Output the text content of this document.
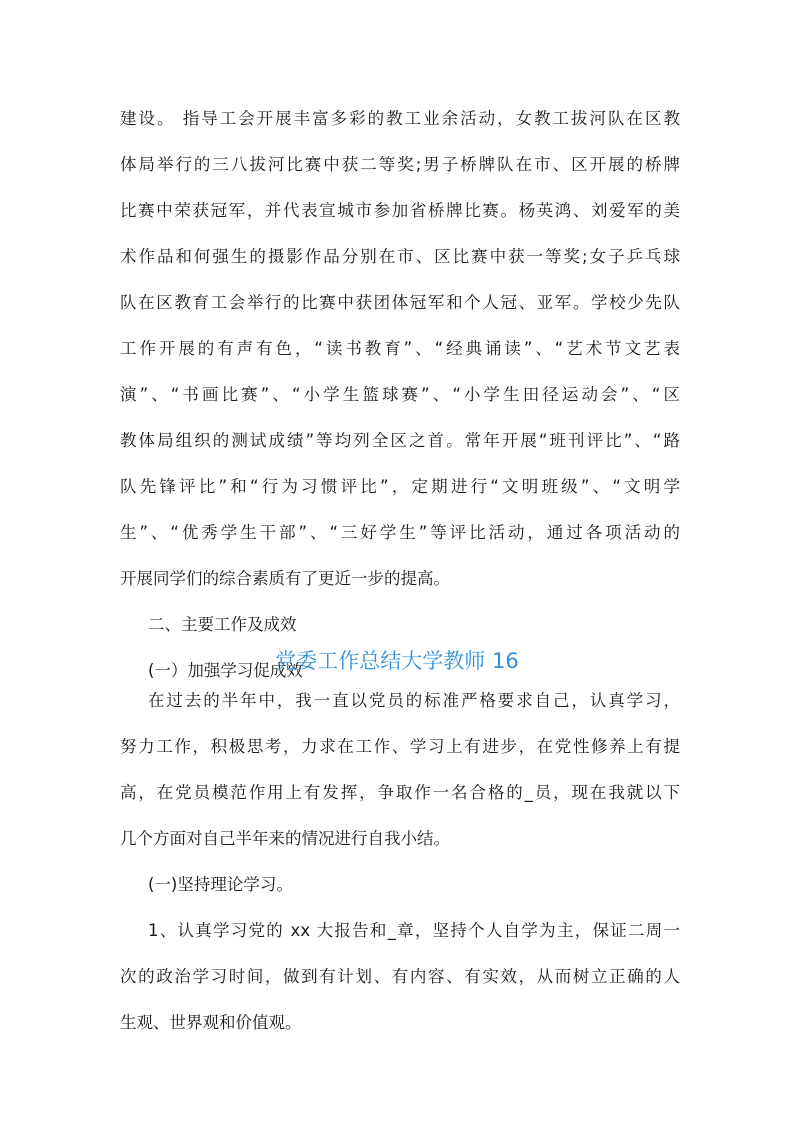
建设。 指导工会开展丰富多彩的教工业余活动，女教工拔河队在区教
体局举行的三八拔河比赛中获二等奖;男子桥牌队在市、区开展的桥牌
比赛中荣获冠军，并代表宣城市参加省桥牌比赛。杨英鸿、刘爱军的美
术作品和何强生的摄影作品分别在市、区比赛中获一等奖;女子乒乓球
队在区教育工会举行的比赛中获团体冠军和个人冠、亚军。学校少先队
工作开展的有声有色，“读书教育”、“经典诵读”、“艺术节文艺表
演”、“书画比赛”、“小学生篮球赛”、“小学生田径运动会”、“区
教体局组织的测试成绩”等均列全区之首。常年开展“班刊评比”、“路
队先锋评比”和“行为习惯评比”，定期进行“文明班级”、“文明学
生”、“优秀学生干部”、“三好学生”等评比活动，通过各项活动的
开展同学们的综合素质有了更近一步的提高。
二、主要工作及成效
(一）加强学习促成效
党委工作总结大学教师 16
在过去的半年中，我一直以党员的标准严格要求自己，认真学习，
努力工作，积极思考，力求在工作、学习上有进步，在党性修养上有提
高，在党员模范作用上有发挥，争取作一名合格的_员，现在我就以下
几个方面对自己半年来的情况进行自我小结。
(一)坚持理论学习。
1、认真学习党的 xx 大报告和_章，坚持个人自学为主，保证二周一
次的政治学习时间，做到有计划、有内容、有实效，从而树立正确的人
生观、世界观和价值观。
